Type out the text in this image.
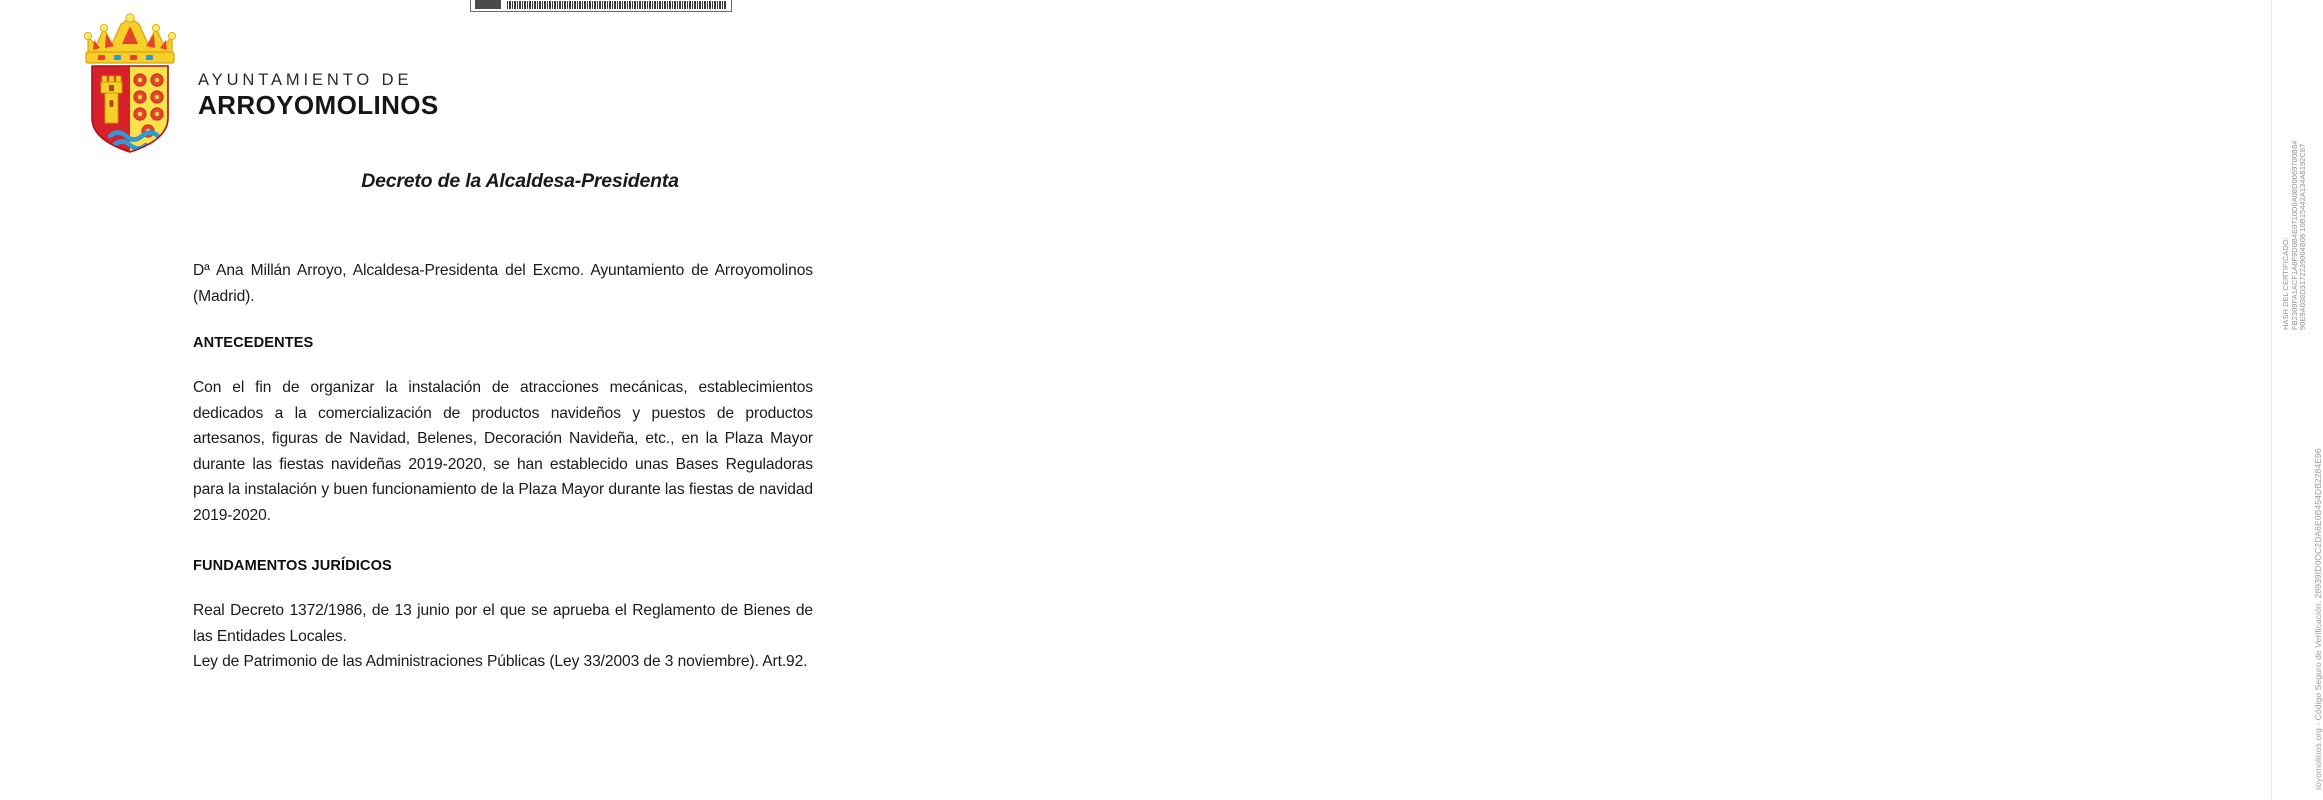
AYUNTAMIENTO DE
ARROYOMOLINOS
Decreto de la Alcaldesa-Presidenta

Dª Ana Millán Arroyo, Alcaldesa-Presidenta del Excmo. Ayuntamiento de Arroyomolinos (Madrid).

ANTECEDENTES

Con el fin de organizar la instalación de atracciones mecánicas, establecimientos dedicados a la comercialización de productos navideños y puestos de productos artesanos, figuras de Navidad, Belenes, Decoración Navideña, etc., en la Plaza Mayor durante las fiestas navideñas 2019-2020, se han establecido unas Bases Reguladoras para la instalación y buen funcionamiento de la Plaza Mayor durante las fiestas de navidad 2019-2020.

FUNDAMENTOS JURÍDICOS

Real Decreto 1372/1986, de 13 junio por el que se aprueba el Reglamento de Bienes de las Entidades Locales.

Ley de Patrimonio de las Administraciones Públicas (Ley 33/2003 de 3 noviembre). Art.92.

HASH DEL CERTIFICADO: FB2309FA1ACF1A6F9D0B4E0710D0A08D0069700B84 90E9A038D3172239004B08 10B15442A134A8192C87
royomolinos.org - Código Seguro de Verificación: 28939ID0OC2DA6E0B454DB2284E96
